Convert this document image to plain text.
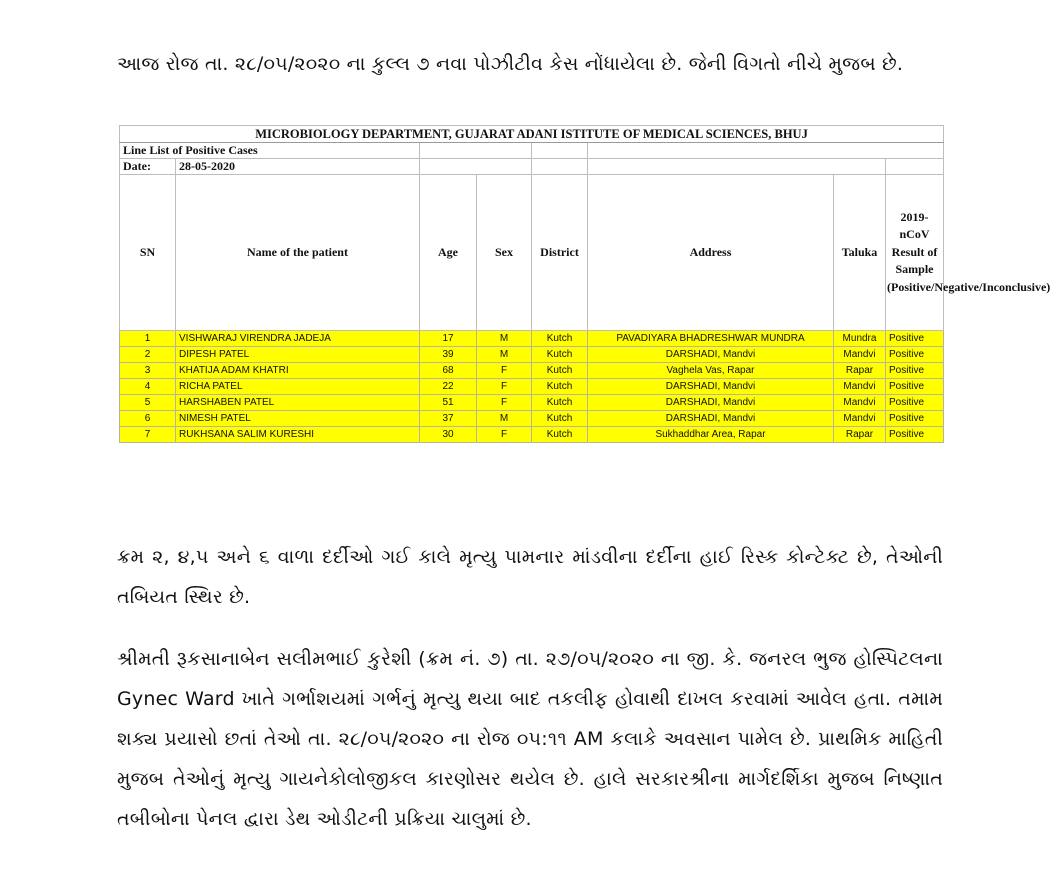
આજ રોજ તા. ૨૮/૦૫/૨૦૨૦ ના કુલ્લ ૭ નવા પોઝીટીવ કેસ નોંધાયેલા છે. જેની વિગતો નીચે મુજબ છે.

MICROBIOLOGY DEPARTMENT, GUJARAT ADANI ISTITUTE OF MEDICAL SCIENCES, BHUJ							
Line List of Positive Cases							
Date:	28-05-2020						
SN	Name of the patient	Age	Sex	District	Address	Taluka	2019-nCoV Result of Sample (Positive/Negative/Inconclusive)
1	VISHWARAJ VIRENDRA JADEJA	17	M	Kutch	PAVADIYARA BHADRESHWAR MUNDRA	Mundra	Positive
2	DIPESH PATEL	39	M	Kutch	DARSHADI, Mandvi	Mandvi	Positive
3	KHATIJA ADAM KHATRI	68	F	Kutch	Vaghela Vas, Rapar	Rapar	Positive
4	RICHA PATEL	22	F	Kutch	DARSHADI, Mandvi	Mandvi	Positive
5	HARSHABEN PATEL	51	F	Kutch	DARSHADI, Mandvi	Mandvi	Positive
6	NIMESH PATEL	37	M	Kutch	DARSHADI, Mandvi	Mandvi	Positive
7	RUKHSANA SALIM KURESHI	30	F	Kutch	Sukhaddhar Area, Rapar	Rapar	Positive

ક્રમ ૨, ૪,૫ અને ૬ વાળા દર્દીઓ ગઈ કાલે મૃત્યુ પામનાર માંડવીના દર્દીના હાઈ રિસ્ક કોન્ટેક્ટ છે, તેઓની તબિયત સ્થિર છે.

શ્રીમતી રૂકસાનાબેન સલીમભાઈ કુરેશી (ક્રમ નં. ૭) તા. ૨૭/૦૫/૨૦૨૦ ના જી. કે. જનરલ ભુજ હોસ્પિટલના Gynec Ward ખાતે ગર્ભાશયમાં ગર્ભનું મૃત્યુ થયા બાદ તકલીફ હોવાથી દાખલ કરવામાં આવેલ હતા. તમામ શક્ય પ્રયાસો છતાં તેઓ તા. ૨૮/૦૫/૨૦૨૦ ના રોજ ૦૫:૧૧ AM કલાકે અવસાન પામેલ છે. પ્રાથમિક માહિતી મુજબ તેઓનું મૃત્યુ ગાયનેકોલોજીકલ કારણોસર થયેલ છે. હાલે સરકારશ્રીના માર્ગદર્શિકા મુજબ નિષ્ણાત તબીબોના પેનલ દ્વારા ડેથ ઓડીટની પ્રક્રિયા ચાલુમાં છે.
